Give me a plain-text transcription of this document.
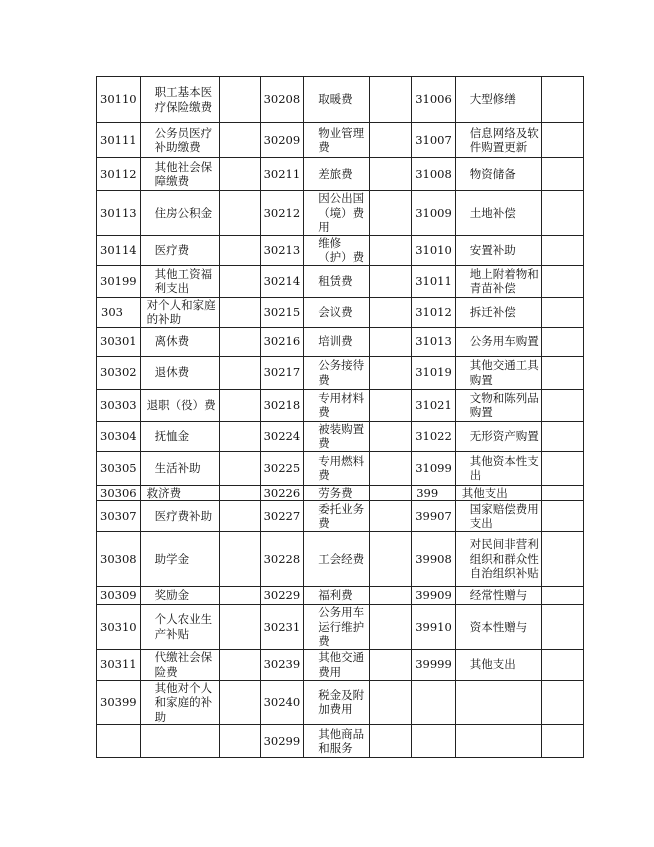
30110	职工基本医疗保险缴费		30208	取暖费		31006	大型修缮	
30111	公务员医疗补助缴费		30209	物业管理费		31007	信息网络及软件购置更新	
30112	其他社会保障缴费		30211	差旅费		31008	物资储备	
30113	住房公积金		30212	因公出国（境）费用		31009	土地补偿	
30114	医疗费		30213	维修（护）费		31010	安置补助	
30199	其他工资福利支出		30214	租赁费		31011	地上附着物和青苗补偿	
303	对个人和家庭的补助		30215	会议费		31012	拆迁补偿	
30301	离休费		30216	培训费		31013	公务用车购置	
30302	退休费		30217	公务接待费		31019	其他交通工具购置	
30303	退职（役）费		30218	专用材料费		31021	文物和陈列品购置	
30304	抚恤金		30224	被装购置费		31022	无形资产购置	
30305	生活补助		30225	专用燃料费		31099	其他资本性支出	
30306	救济费		30226	劳务费		399	其他支出	
30307	医疗费补助		30227	委托业务费		39907	国家赔偿费用支出	
30308	助学金		30228	工会经费		39908	对民间非营利组织和群众性自治组织补贴	
30309	奖励金		30229	福利费		39909	经常性赠与	
30310	个人农业生产补贴		30231	公务用车运行维护费		39910	资本性赠与	
30311	代缴社会保险费		30239	其他交通费用		39999	其他支出	
30399	其他对个人和家庭的补助		30240	税金及附加费用				
			30299	其他商品和服务				
